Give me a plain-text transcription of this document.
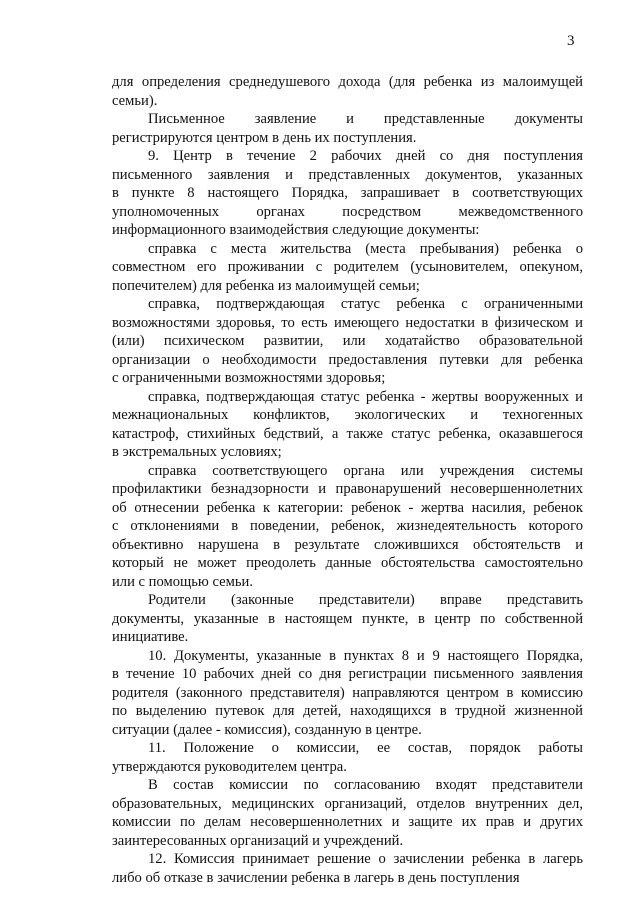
3
для определения среднедушевого дохода (для ребенка из малоимущей
семьи).
Письменное заявление и представленные документы
регистрируются центром в день их поступления.
9. Центр в течение 2 рабочих дней со дня поступления
письменного заявления и представленных документов, указанных
в пункте 8 настоящего Порядка, запрашивает в соответствующих
уполномоченных органах посредством межведомственного
информационного взаимодействия следующие документы:
справка с места жительства (места пребывания) ребенка о
совместном его проживании с родителем (усыновителем, опекуном,
попечителем) для ребенка из малоимущей семьи;
справка, подтверждающая статус ребенка с ограниченными
возможностями здоровья, то есть имеющего недостатки в физическом и
(или) психическом развитии, или ходатайство образовательной
организации о необходимости предоставления путевки для ребенка
с ограниченными возможностями здоровья;
справка, подтверждающая статус ребенка - жертвы вооруженных и
межнациональных конфликтов, экологических и техногенных
катастроф, стихийных бедствий, а также статус ребенка, оказавшегося
в экстремальных условиях;
справка соответствующего органа или учреждения системы
профилактики безнадзорности и правонарушений несовершеннолетних
об отнесении ребенка к категории: ребенок - жертва насилия, ребенок
с отклонениями в поведении, ребенок, жизнедеятельность которого
объективно нарушена в результате сложившихся обстоятельств и
который не может преодолеть данные обстоятельства самостоятельно
или с помощью семьи.
Родители (законные представители) вправе представить
документы, указанные в настоящем пункте, в центр по собственной
инициативе.
10. Документы, указанные в пунктах 8 и 9 настоящего Порядка,
в течение 10 рабочих дней со дня регистрации письменного заявления
родителя (законного представителя) направляются центром в комиссию
по выделению путевок для детей, находящихся в трудной жизненной
ситуации (далее - комиссия), созданную в центре.
11. Положение о комиссии, ее состав, порядок работы
утверждаются руководителем центра.
В состав комиссии по согласованию входят представители
образовательных, медицинских организаций, отделов внутренних дел,
комиссии по делам несовершеннолетних и защите их прав и других
заинтересованных организаций и учреждений.
12. Комиссия принимает решение о зачислении ребенка в лагерь
либо об отказе в зачислении ребенка в лагерь в день поступления
